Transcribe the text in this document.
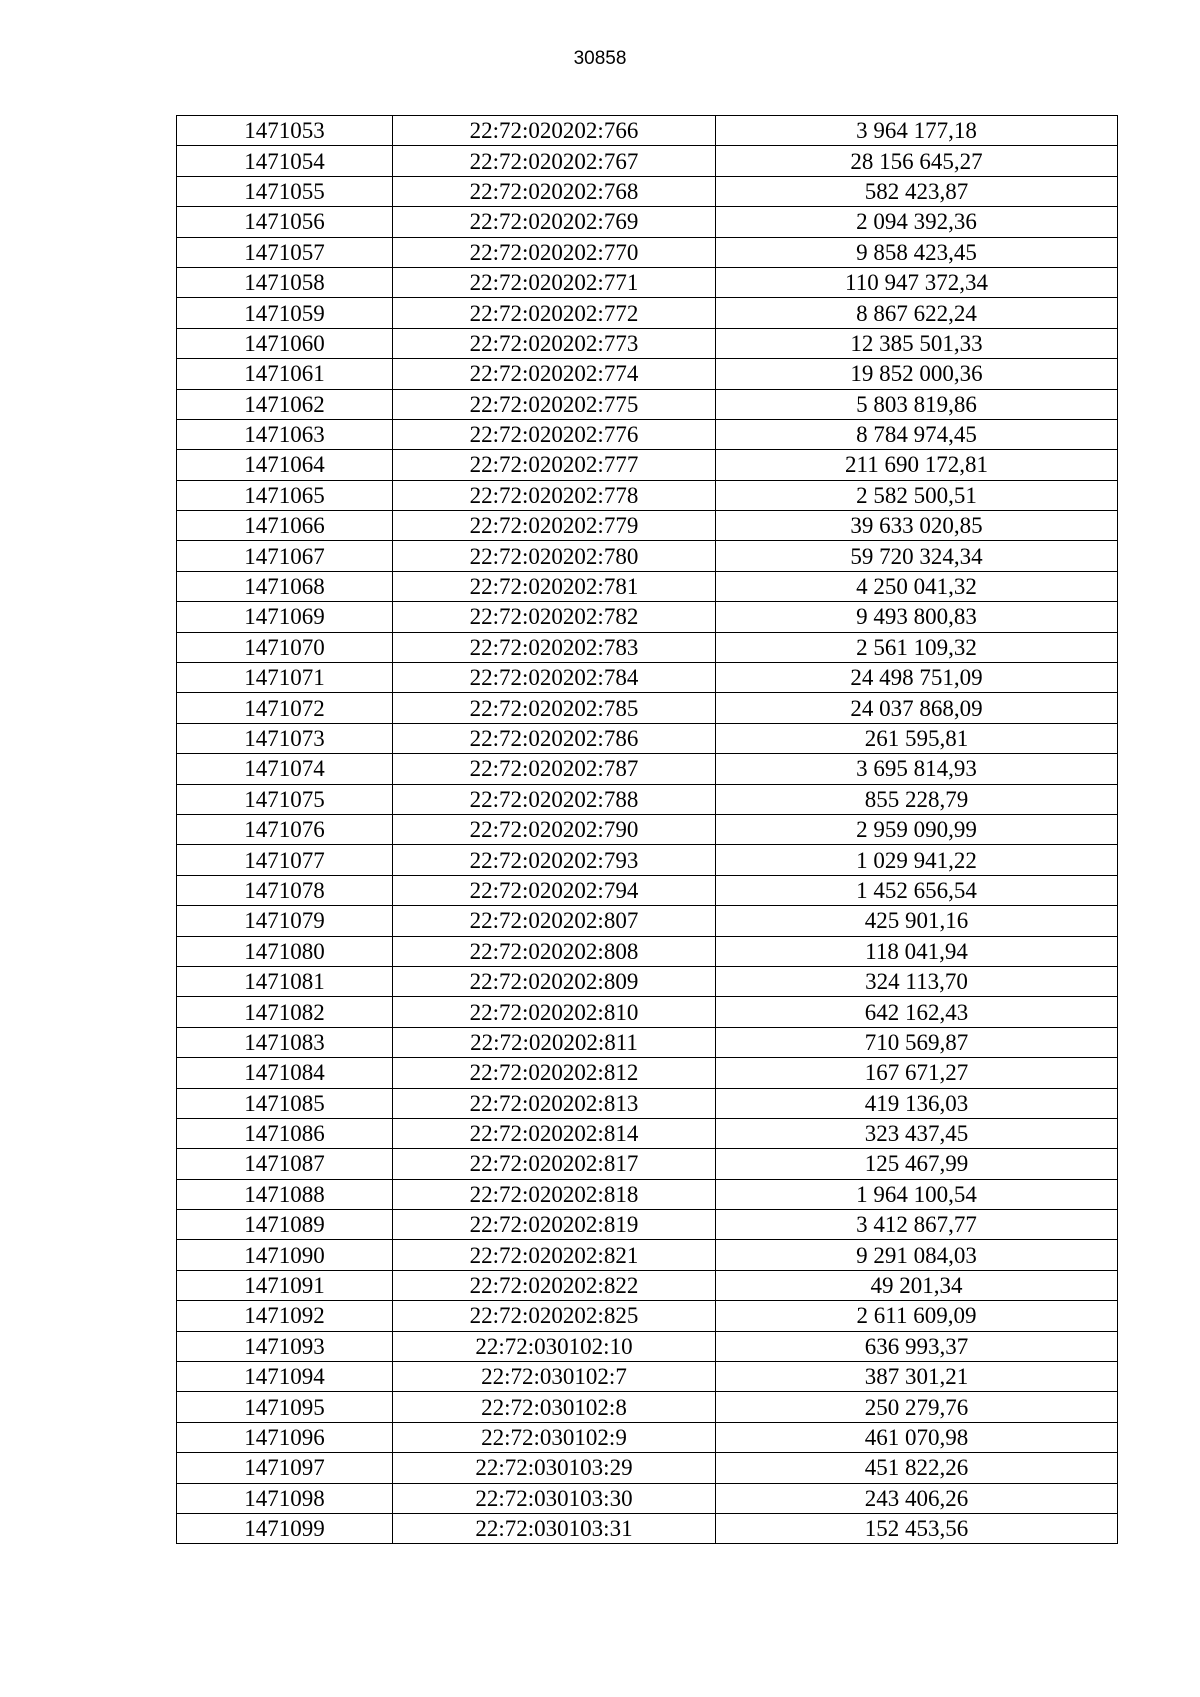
30858
1471053	22:72:020202:766	3 964 177,18
1471054	22:72:020202:767	28 156 645,27
1471055	22:72:020202:768	582 423,87
1471056	22:72:020202:769	2 094 392,36
1471057	22:72:020202:770	9 858 423,45
1471058	22:72:020202:771	110 947 372,34
1471059	22:72:020202:772	8 867 622,24
1471060	22:72:020202:773	12 385 501,33
1471061	22:72:020202:774	19 852 000,36
1471062	22:72:020202:775	5 803 819,86
1471063	22:72:020202:776	8 784 974,45
1471064	22:72:020202:777	211 690 172,81
1471065	22:72:020202:778	2 582 500,51
1471066	22:72:020202:779	39 633 020,85
1471067	22:72:020202:780	59 720 324,34
1471068	22:72:020202:781	4 250 041,32
1471069	22:72:020202:782	9 493 800,83
1471070	22:72:020202:783	2 561 109,32
1471071	22:72:020202:784	24 498 751,09
1471072	22:72:020202:785	24 037 868,09
1471073	22:72:020202:786	261 595,81
1471074	22:72:020202:787	3 695 814,93
1471075	22:72:020202:788	855 228,79
1471076	22:72:020202:790	2 959 090,99
1471077	22:72:020202:793	1 029 941,22
1471078	22:72:020202:794	1 452 656,54
1471079	22:72:020202:807	425 901,16
1471080	22:72:020202:808	118 041,94
1471081	22:72:020202:809	324 113,70
1471082	22:72:020202:810	642 162,43
1471083	22:72:020202:811	710 569,87
1471084	22:72:020202:812	167 671,27
1471085	22:72:020202:813	419 136,03
1471086	22:72:020202:814	323 437,45
1471087	22:72:020202:817	125 467,99
1471088	22:72:020202:818	1 964 100,54
1471089	22:72:020202:819	3 412 867,77
1471090	22:72:020202:821	9 291 084,03
1471091	22:72:020202:822	49 201,34
1471092	22:72:020202:825	2 611 609,09
1471093	22:72:030102:10	636 993,37
1471094	22:72:030102:7	387 301,21
1471095	22:72:030102:8	250 279,76
1471096	22:72:030102:9	461 070,98
1471097	22:72:030103:29	451 822,26
1471098	22:72:030103:30	243 406,26
1471099	22:72:030103:31	152 453,56
